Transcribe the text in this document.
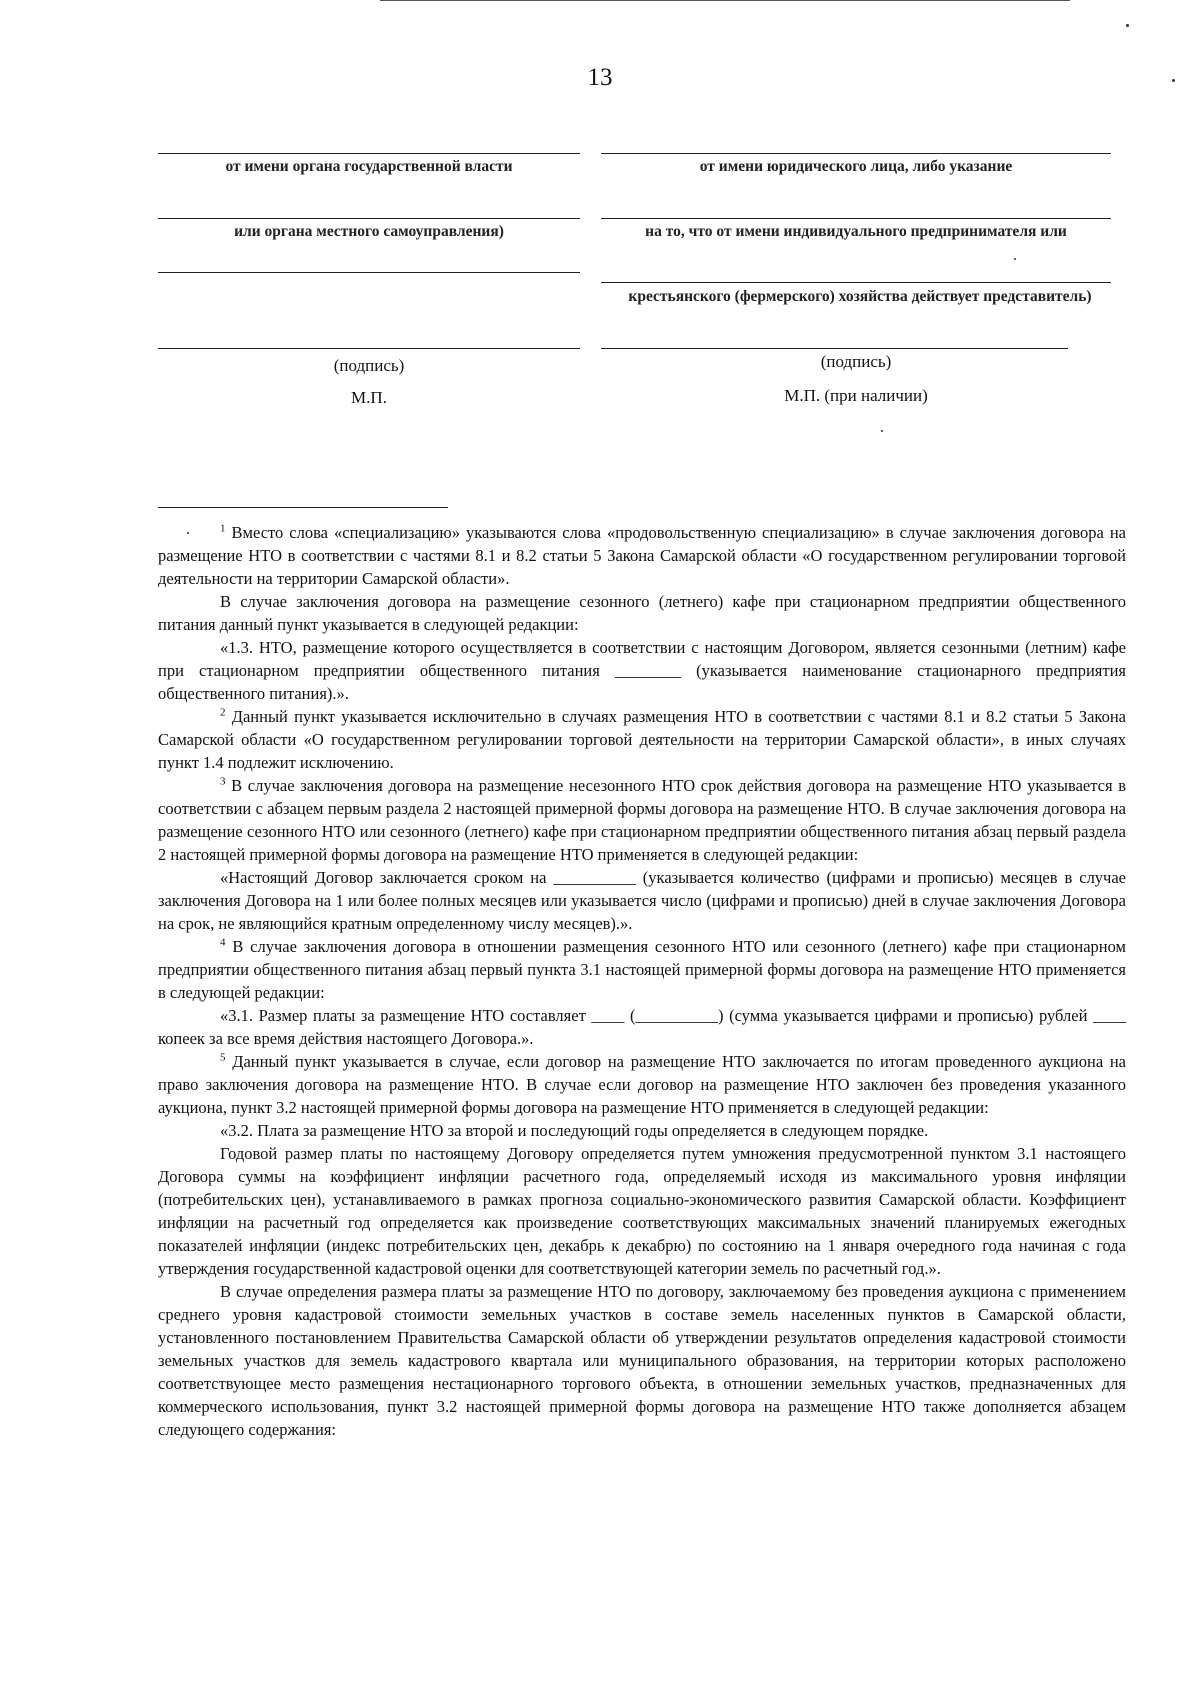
13
от имени органа государственной власти
или органа местного самоуправления)
(подпись)
М.П.
от имени юридического лица, либо указание
на то, что от имени индивидуального предпринимателя или
крестьянского (фермерского) хозяйства действует представитель)
(подпись)
М.П. (при наличии)

$^1$ Вместо слова «специализацию» указываются слова «продовольственную специализацию» в случае заключения договора на размещение НТО в соответствии с частями 8.1 и 8.2 статьи 5 Закона Самарской области «О государственном регулировании торговой деятельности на территории Самарской области».

В случае заключения договора на размещение сезонного (летнего) кафе при стационарном предприятии общественного питания данный пункт указывается в следующей редакции:

«1.3. НТО, размещение которого осуществляется в соответствии с настоящим Договором, является сезонными (летним) кафе при стационарном предприятии общественного питания ________ (указывается наименование стационарного предприятия общественного питания).».

$^2$ Данный пункт указывается исключительно в случаях размещения НТО в соответствии с частями 8.1 и 8.2 статьи 5 Закона Самарской области «О государственном регулировании торговой деятельности на территории Самарской области», в иных случаях пункт 1.4 подлежит исключению.

$^3$ В случае заключения договора на размещение несезонного НТО срок действия договора на размещение НТО указывается в соответствии с абзацем первым раздела 2 настоящей примерной формы договора на размещение НТО. В случае заключения договора на размещение сезонного НТО или сезонного (летнего) кафе при стационарном предприятии общественного питания абзац первый раздела 2 настоящей примерной формы договора на размещение НТО применяется в следующей редакции:

«Настоящий Договор заключается сроком на __________ (указывается количество (цифрами и прописью) месяцев в случае заключения Договора на 1 или более полных месяцев или указывается число (цифрами и прописью) дней в случае заключения Договора на срок, не являющийся кратным определенному числу месяцев).».

$^4$ В случае заключения договора в отношении размещения сезонного НТО или сезонного (летнего) кафе при стационарном предприятии общественного питания абзац первый пункта 3.1 настоящей примерной формы договора на размещение НТО применяется в следующей редакции:

«3.1. Размер платы за размещение НТО составляет ____ (__________) (сумма указывается цифрами и прописью) рублей ____ копеек за все время действия настоящего Договора.».

$^5$ Данный пункт указывается в случае, если договор на размещение НТО заключается по итогам проведенного аукциона на право заключения договора на размещение НТО. В случае если договор на размещение НТО заключен без проведения указанного аукциона, пункт 3.2 настоящей примерной формы договора на размещение НТО применяется в следующей редакции:

«3.2. Плата за размещение НТО за второй и последующий годы определяется в следующем порядке.

Годовой размер платы по настоящему Договору определяется путем умножения предусмотренной пунктом 3.1 настоящего Договора суммы на коэффициент инфляции расчетного года, определяемый исходя из максимального уровня инфляции (потребительских цен), устанавливаемого в рамках прогноза социально-экономического развития Самарской области. Коэффициент инфляции на расчетный год определяется как произведение соответствующих максимальных значений планируемых ежегодных показателей инфляции (индекс потребительских цен, декабрь к декабрю) по состоянию на 1 января очередного года начиная с года утверждения государственной кадастровой оценки для соответствующей категории земель по расчетный год.».

В случае определения размера платы за размещение НТО по договору, заключаемому без проведения аукциона с применением среднего уровня кадастровой стоимости земельных участков в составе земель населенных пунктов в Самарской области, установленного постановлением Правительства Самарской области об утверждении результатов определения кадастровой стоимости земельных участков для земель кадастрового квартала или муниципального образования, на территории которых расположено соответствующее место размещения нестационарного торгового объекта, в отношении земельных участков, предназначенных для коммерческого использования, пункт 3.2 настоящей примерной формы договора на размещение НТО также дополняется абзацем следующего содержания:
